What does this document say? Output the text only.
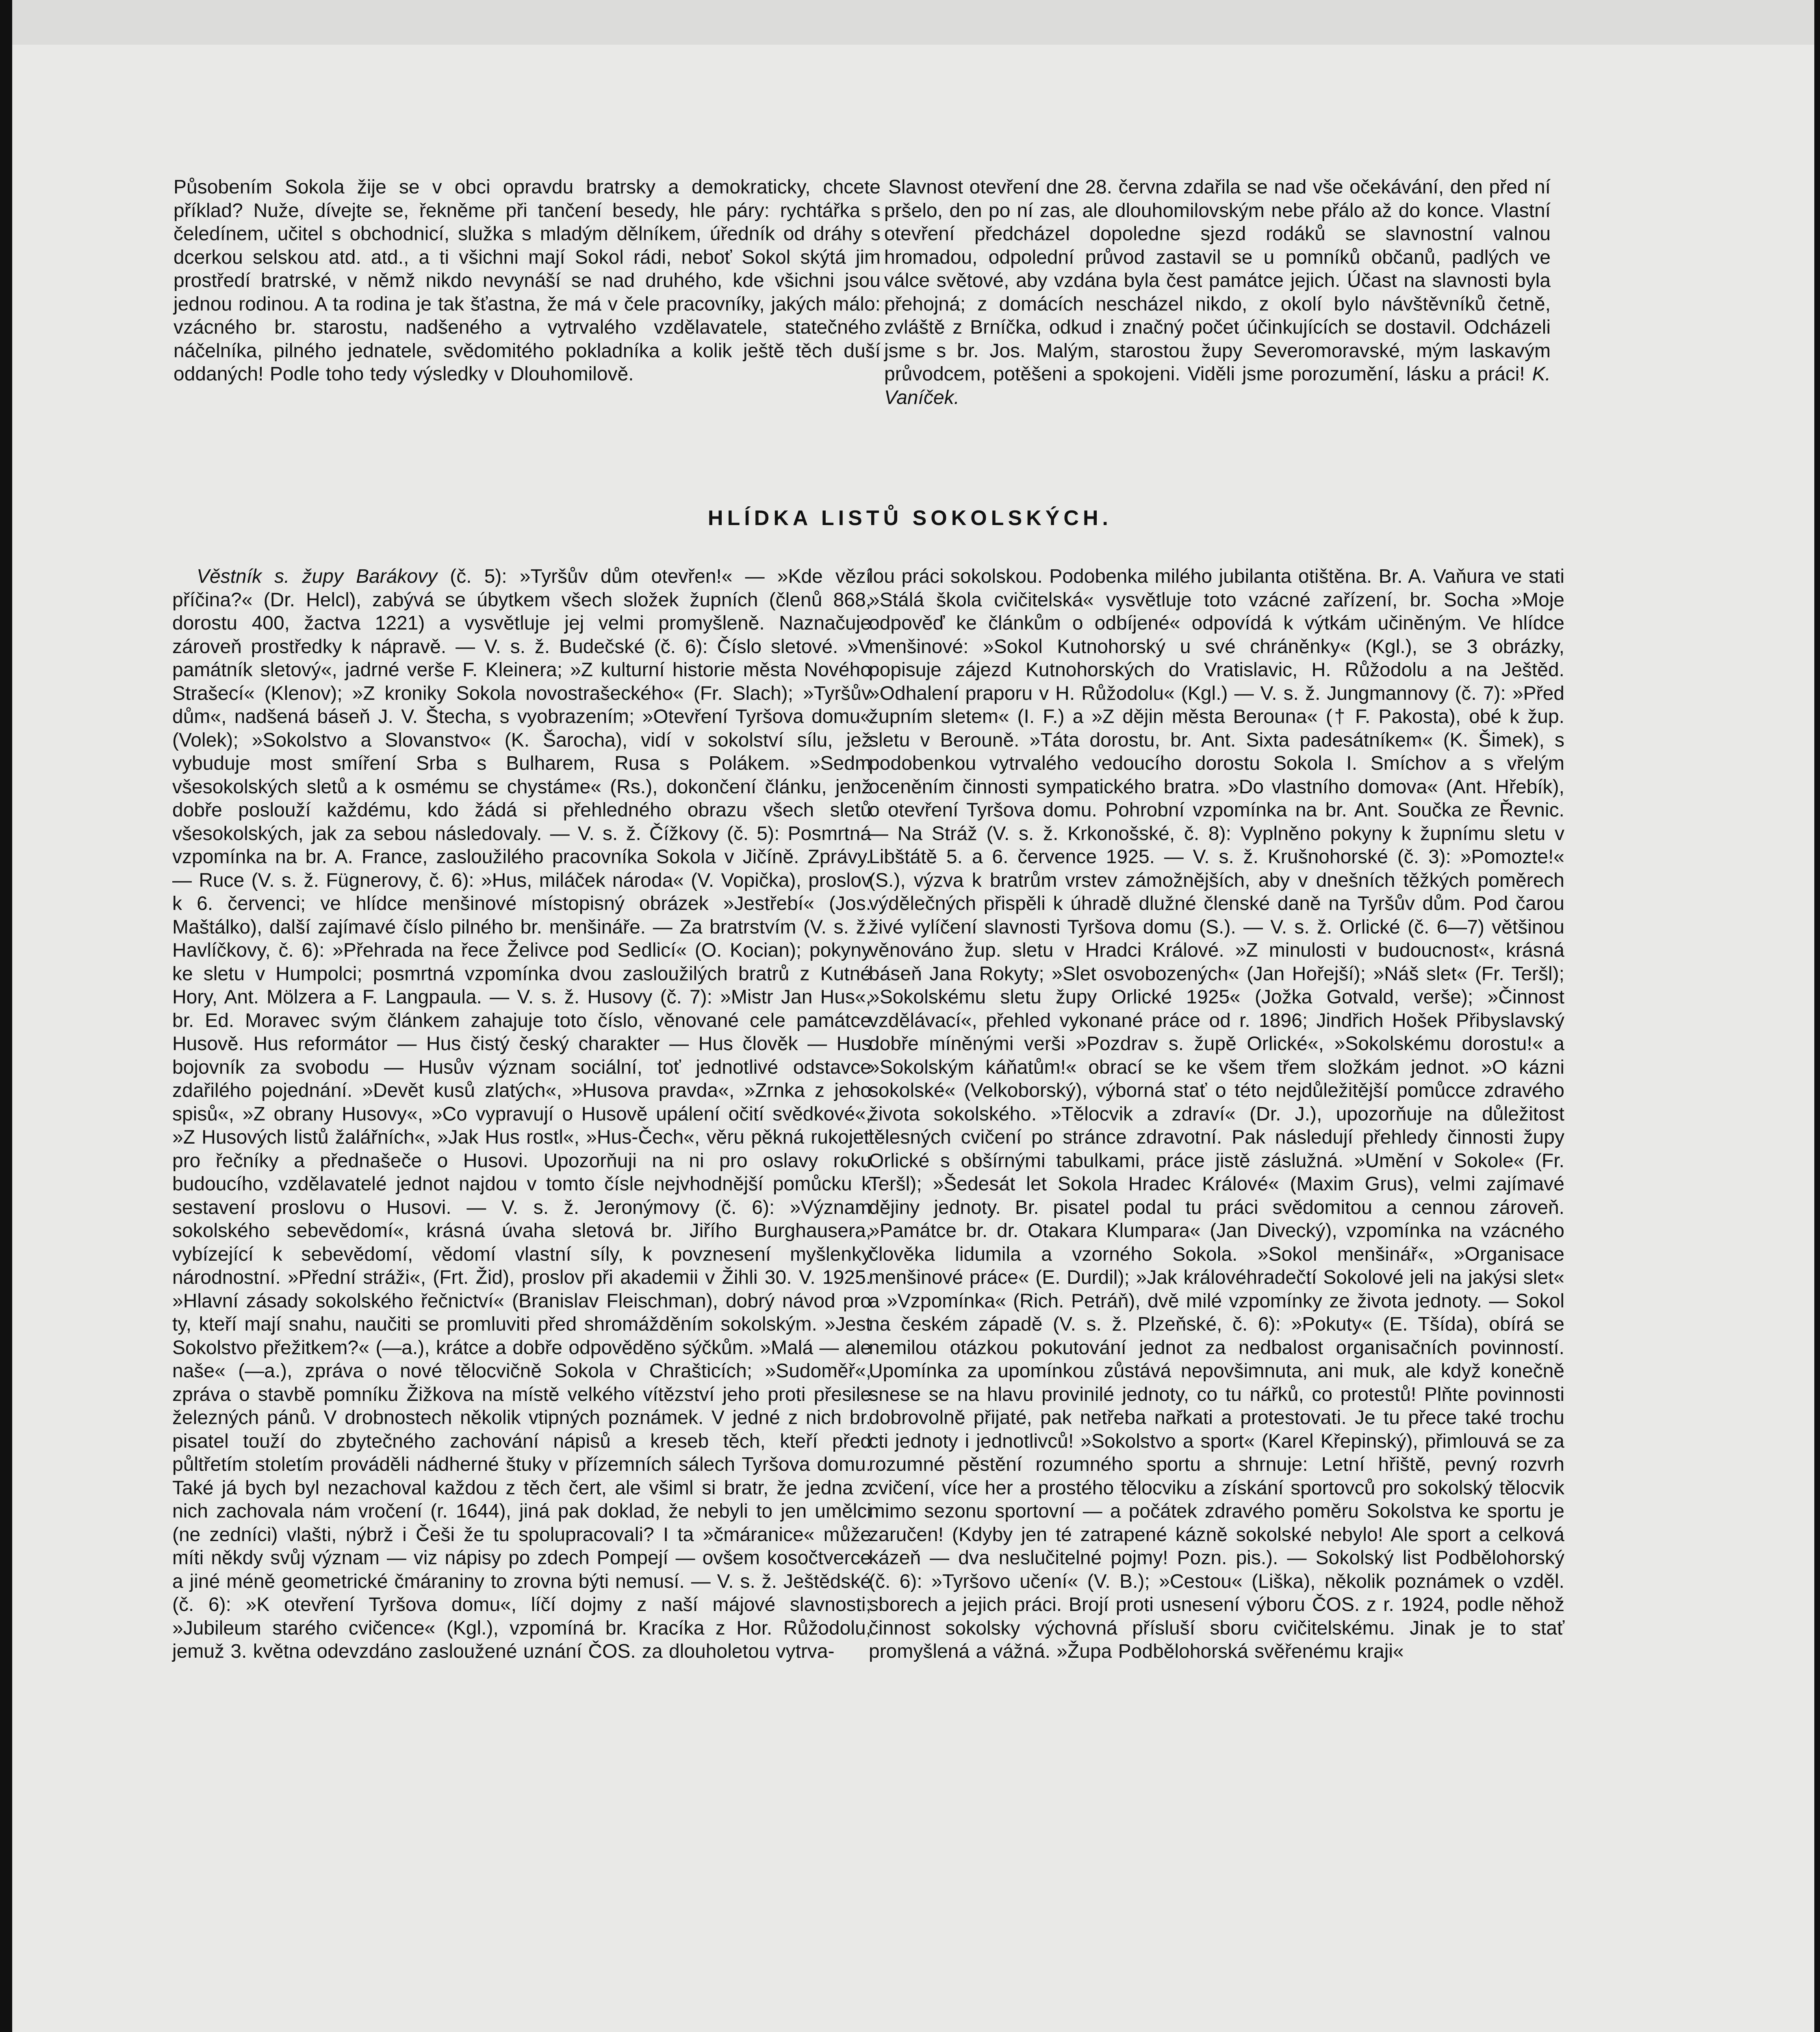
Působením Sokola žije se v obci opravdu bratrsky a demokraticky, chcete příklad? Nuže, dívejte se, řekněme při tančení besedy, hle páry: rychtářka s čeledínem, učitel s obchodnicí, služka s mladým dělníkem, úředník od dráhy s dcerkou selskou atd. atd., a ti všichni mají Sokol rádi, neboť Sokol skýtá jim prostředí bratrské, v němž nikdo nevynáší se nad druhého, kde všichni jsou jednou rodinou. A ta rodina je tak šťastna, že má v čele pracovníky, jakých málo: vzácného br. starostu, nadšeného a vytrvalého vzdělavatele, statečného náčelníka, pilného jednatele, svědomitého pokladníka a kolik ještě těch duší oddaných! Podle toho tedy výsledky v Dlouhomilově.

Slavnost otevření dne 28. června zdařila se nad vše očekávání, den před ní pršelo, den po ní zas, ale dlouhomilovským nebe přálo až do konce. Vlastní otevření předcházel dopoledne sjezd rodáků se slavnostní valnou hromadou, odpolední průvod zastavil se u pomníků občanů, padlých ve válce světové, aby vzdána byla čest památce jejich. Účast na slavnosti byla přehojná; z domácích nescházel nikdo, z okolí bylo návštěvníků četně, zvláště z Brníčka, odkud i značný počet účinkujících se dostavil. Odcházeli jsme s br. Jos. Malým, starostou župy Severomoravské, mým laskavým průvodcem, potěšeni a spokojeni. Viděli jsme porozumění, lásku a práci! K. Vaníček.

HLÍDKA LISTŮ SOKOLSKÝCH.

Věstník s. župy Barákovy (č. 5): »Tyršův dům otevřen!« — »Kde vězí příčina?« (Dr. Helcl), zabývá se úbytkem všech složek župních (členů 868, dorostu 400, žactva 1221) a vysvětluje jej velmi promyšleně. Naznačuje zároveň prostředky k nápravě. — V. s. ž. Budečské (č. 6): Číslo sletové. »V památník sletový«, jadrné verše F. Kleinera; »Z kulturní historie města Nového Strašecí« (Klenov); »Z kroniky Sokola novostrašeckého« (Fr. Slach); »Tyršův dům«, nadšená báseň J. V. Štecha, s vyobrazením; »Otevření Tyršova domu« (Volek); »Sokolstvo a Slovanstvo« (K. Šarocha), vidí v sokolství sílu, jež vybuduje most smíření Srba s Bulharem, Rusa s Polákem. »Sedm všesokolských sletů a k osmému se chystáme« (Rs.), dokončení článku, jenž dobře poslouží každému, kdo žádá si přehledného obrazu všech sletů všesokolských, jak za sebou následovaly. — V. s. ž. Čížkovy (č. 5): Posmrtná vzpomínka na br. A. France, zasloužilého pracovníka Sokola v Jičíně. Zprávy. — Ruce (V. s. ž. Fügnerovy, č. 6): »Hus, miláček národa« (V. Vopička), proslov k 6. červenci; ve hlídce menšinové místopisný obrázek »Jestřebí« (Jos. Maštálko), další zajímavé číslo pilného br. menšináře. — Za bratrstvím (V. s. ž. Havlíčkovy, č. 6): »Přehrada na řece Želivce pod Sedlicí« (O. Kocian); pokyny ke sletu v Humpolci; posmrtná vzpomínka dvou zasloužilých bratrů z Kutné Hory, Ant. Mölzera a F. Langpaula. — V. s. ž. Husovy (č. 7): »Mistr Jan Hus«, br. Ed. Moravec svým článkem zahajuje toto číslo, věnované cele památce Husově. Hus reformátor — Hus čistý český charakter — Hus člověk — Hus bojovník za svobodu — Husův význam sociální, toť jednotlivé odstavce zdařilého pojednání. »Devět kusů zlatých«, »Husova pravda«, »Zrnka z jeho spisů«, »Z obrany Husovy«, »Co vypravují o Husově upálení očití svědkové«, »Z Husových listů žalářních«, »Jak Hus rostl«, »Hus-Čech«, věru pěkná rukojeť pro řečníky a přednašeče o Husovi. Upozorňuji na ni pro oslavy roku budoucího, vzdělavatelé jednot najdou v tomto čísle nejvhodnější pomůcku k sestavení proslovu o Husovi. — V. s. ž. Jeronýmovy (č. 6): »Význam sokolského sebevědomí«, krásná úvaha sletová br. Jiřího Burghausera, vybízející k sebevědomí, vědomí vlastní síly, k povznesení myšlenky národnostní. »Přední stráži«, (Frt. Žid), proslov při akademii v Žihli 30. V. 1925. »Hlavní zásady sokolského řečnictví« (Branislav Fleischman), dobrý návod pro ty, kteří mají snahu, naučiti se promluviti před shromážděním sokolským. »Jest Sokolstvo přežitkem?« (—a.), krátce a dobře odpověděno sýčkům. »Malá — ale naše« (—a.), zpráva o nové tělocvičně Sokola v Chrašticích; »Sudoměř«, zpráva o stavbě pomníku Žižkova na místě velkého vítězství jeho proti přesile železných pánů. V drobnostech několik vtipných poznámek. V jedné z nich br. pisatel touží do zbytečného zachování nápisů a kreseb těch, kteří před půltřetím stoletím prováděli nádherné štuky v přízemních sálech Tyršova domu. Také já bych byl nezachoval každou z těch čert, ale všiml si bratr, že jedna z nich zachovala nám vročení (r. 1644), jiná pak doklad, že nebyli to jen umělci (ne zedníci) vlašti, nýbrž i Češi že tu spolupracovali? I ta »čmáranice« může míti někdy svůj význam — viz nápisy po zdech Pompejí — ovšem kosočtverce a jiné méně geometrické čmáraniny to zrovna býti nemusí. — V. s. ž. Ještědské (č. 6): »K otevření Tyršova domu«, líčí dojmy z naší májové slavnosti; »Jubileum starého cvičence« (Kgl.), vzpomíná br. Kracíka z Hor. Růžodolu, jemuž 3. května odevzdáno zasloužené uznání ČOS. za dlouholetou vytrva-

lou práci sokolskou. Podobenka milého jubilanta otištěna. Br. A. Vaňura ve stati »Stálá škola cvičitelská« vysvětluje toto vzácné zařízení, br. Socha »Moje odpověď ke článkům o odbíjené« odpovídá k výtkám učiněným. Ve hlídce menšinové: »Sokol Kutnohorský u své chráněnky« (Kgl.), se 3 obrázky, popisuje zájezd Kutnohorských do Vratislavic, H. Růžodolu a na Ještěd. »Odhalení praporu v H. Růžodolu« (Kgl.) — V. s. ž. Jungmannovy (č. 7): »Před župním sletem« (I. F.) a »Z dějin města Berouna« († F. Pakosta), obé k žup. sletu v Berouně. »Táta dorostu, br. Ant. Sixta padesátníkem« (K. Šimek), s podobenkou vytrvalého vedoucího dorostu Sokola I. Smíchov a s vřelým oceněním činnosti sympatického bratra. »Do vlastního domova« (Ant. Hřebík), o otevření Tyršova domu. Pohrobní vzpomínka na br. Ant. Součka ze Řevnic. — Na Stráž (V. s. ž. Krkonošské, č. 8): Vyplněno pokyny k župnímu sletu v Libštátě 5. a 6. července 1925. — V. s. ž. Krušnohorské (č. 3): »Pomozte!« (S.), výzva k bratrům vrstev zámožnějších, aby v dnešních těžkých poměrech výdělečných přispěli k úhradě dlužné členské daně na Tyršův dům. Pod čarou živé vylíčení slavnosti Tyršova domu (S.). — V. s. ž. Orlické (č. 6—7) většinou věnováno žup. sletu v Hradci Králové. »Z minulosti v budoucnost«, krásná báseň Jana Rokyty; »Slet osvobozených« (Jan Hořejší); »Náš slet« (Fr. Teršl); »Sokolskému sletu župy Orlické 1925« (Jožka Gotvald, verše); »Činnost vzdělávací«, přehled vykonané práce od r. 1896; Jindřich Hošek Přibyslavský dobře míněnými verši »Pozdrav s. župě Orlické«, »Sokolskému dorostu!« a »Sokolským káňatům!« obrací se ke všem třem složkám jednot. »O kázni sokolské« (Velkoborský), výborná stať o této nejdůležitější pomůcce zdravého života sokolského. »Tělocvik a zdraví« (Dr. J.), upozorňuje na důležitost tělesných cvičení po stránce zdravotní. Pak následují přehledy činnosti župy Orlické s obšírnými tabulkami, práce jistě záslužná. »Umění v Sokole« (Fr. Teršl); »Šedesát let Sokola Hradec Králové« (Maxim Grus), velmi zajímavé dějiny jednoty. Br. pisatel podal tu práci svědomitou a cennou zároveň. »Památce br. dr. Otakara Klumpara« (Jan Divecký), vzpomínka na vzácného člověka lidumila a vzorného Sokola. »Sokol menšinář«, »Organisace menšinové práce« (E. Durdil); »Jak královéhradečtí Sokolové jeli na jakýsi slet« a »Vzpomínka« (Rich. Petráň), dvě milé vzpomínky ze života jednoty. — Sokol na českém západě (V. s. ž. Plzeňské, č. 6): »Pokuty« (E. Tšída), obírá se nemilou otázkou pokutování jednot za nedbalost organisačních povinností. Upomínka za upomínkou zůstává nepovšimnuta, ani muk, ale když konečně snese se na hlavu provinilé jednoty, co tu nářků, co protestů! Plňte povinnosti dobrovolně přijaté, pak netřeba nařkati a protestovati. Je tu přece také trochu cti jednoty i jednotlivců! »Sokolstvo a sport« (Karel Křepinský), přimlouvá se za rozumné pěstění rozumného sportu a shrnuje: Letní hřiště, pevný rozvrh cvičení, více her a prostého tělocviku a získání sportovců pro sokolský tělocvik mimo sezonu sportovní — a počátek zdravého poměru Sokolstva ke sportu je zaručen! (Kdyby jen té zatrapené kázně sokolské nebylo! Ale sport a celková kázeň — dva neslučitelné pojmy! Pozn. pis.). — Sokolský list Podbělohorský (č. 6): »Tyršovo učení« (V. B.); »Cestou« (Liška), několik poznámek o vzděl. sborech a jejich práci. Brojí proti usnesení výboru ČOS. z r. 1924, podle něhož činnost sokolsky výchovná přísluší sboru cvičitelskému. Jinak je to stať promyšlená a vážná. »Župa Podbělohorská svěřenému kraji«
